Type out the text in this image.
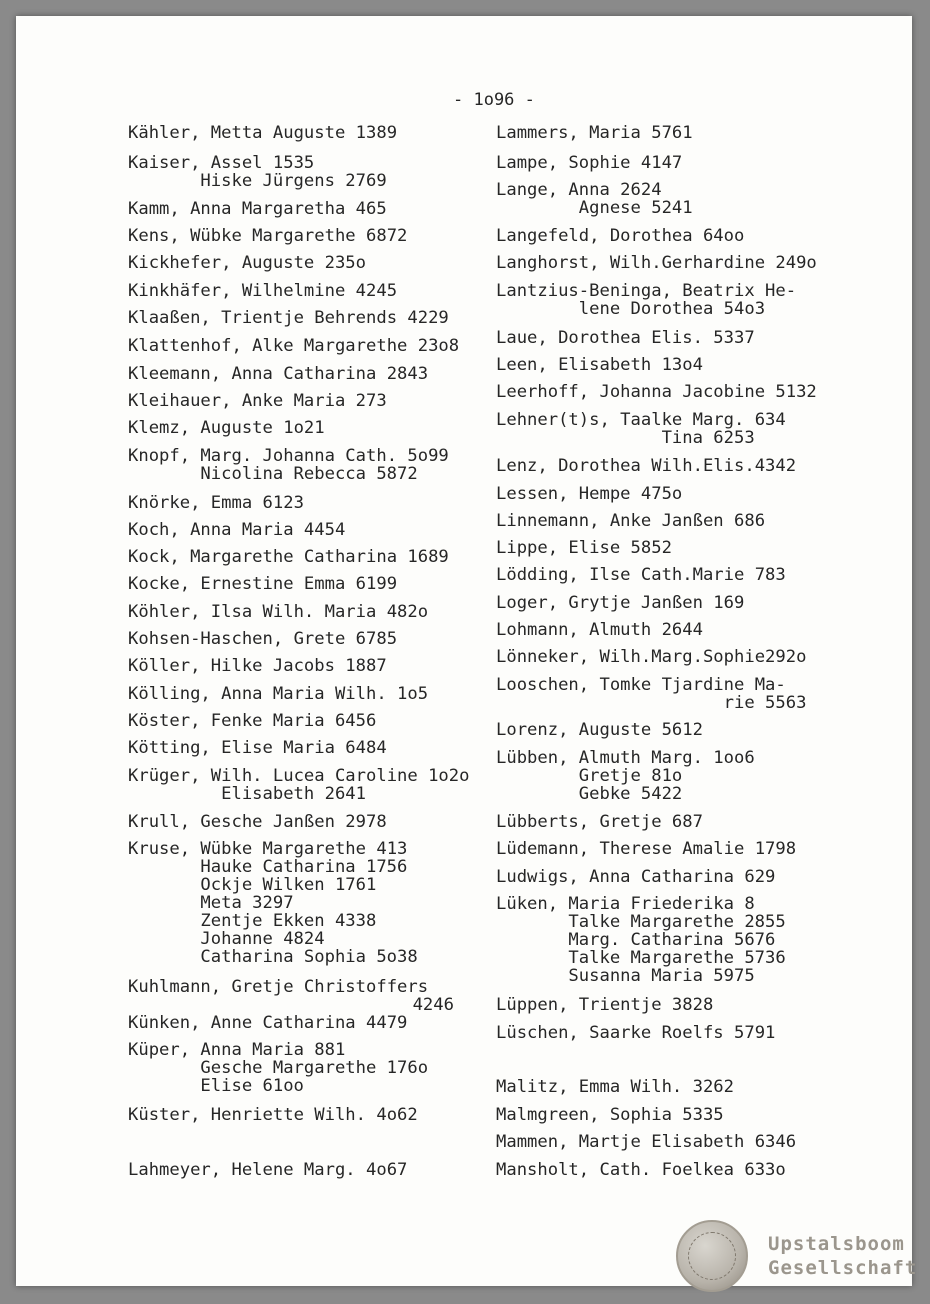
- 1o96 -
Kähler, Metta Auguste 1389
Kaiser, Assel 1535
Hiske Jürgens 2769
Kamm, Anna Margaretha 465
Kens, Wübke Margarethe 6872
Kickhefer, Auguste 235o
Kinkhäfer, Wilhelmine 4245
Klaaßen, Trientje Behrends 4229
Klattenhof, Alke Margarethe 23o8
Kleemann, Anna Catharina 2843
Kleihauer, Anke Maria 273
Klemz, Auguste 1o21
Knopf, Marg. Johanna Cath. 5o99
Nicolina Rebecca 5872
Knörke, Emma 6123
Koch, Anna Maria 4454
Kock, Margarethe Catharina 1689
Kocke, Ernestine Emma 6199
Köhler, Ilsa Wilh. Maria 482o
Kohsen-Haschen, Grete 6785
Köller, Hilke Jacobs 1887
Kölling, Anna Maria Wilh. 1o5
Köster, Fenke Maria 6456
Kötting, Elise Maria 6484
Krüger, Wilh. Lucea Caroline 1o2o
Elisabeth 2641
Krull, Gesche Janßen 2978
Kruse, Wübke Margarethe 413
Hauke Catharina 1756
Ockje Wilken 1761
Meta 3297
Zentje Ekken 4338
Johanne 4824
Catharina Sophia 5o38
Kuhlmann, Gretje Christoffers
4246
Künken, Anne Catharina 4479
Küper, Anna Maria 881
Gesche Margarethe 176o
Elise 61oo
Küster, Henriette Wilh. 4o62
Lahmeyer, Helene Marg. 4o67
Lammers, Maria 5761
Lampe, Sophie 4147
Lange, Anna 2624
Agnese 5241
Langefeld, Dorothea 64oo
Langhorst, Wilh.Gerhardine 249o
Lantzius-Beninga, Beatrix He-
lene Dorothea 54o3
Laue, Dorothea Elis. 5337
Leen, Elisabeth 13o4
Leerhoff, Johanna Jacobine 5132
Lehner(t)s, Taalke Marg. 634
Tina 6253
Lenz, Dorothea Wilh.Elis.4342
Lessen, Hempe 475o
Linnemann, Anke Janßen 686
Lippe, Elise 5852
Lödding, Ilse Cath.Marie 783
Loger, Grytje Janßen 169
Lohmann, Almuth 2644
Lönneker, Wilh.Marg.Sophie292o
Looschen, Tomke Tjardine Ma-
rie 5563
Lorenz, Auguste 5612
Lübben, Almuth Marg. 1oo6
Gretje 81o
Gebke 5422
Lübberts, Gretje 687
Lüdemann, Therese Amalie 1798
Ludwigs, Anna Catharina 629
Lüken, Maria Friederika 8
Talke Margarethe 2855
Marg. Catharina 5676
Talke Margarethe 5736
Susanna Maria 5975
Lüppen, Trientje 3828
Lüschen, Saarke Roelfs 5791
Malitz, Emma Wilh. 3262
Malmgreen, Sophia 5335
Mammen, Martje Elisabeth 6346
Mansholt, Cath. Foelkea 633o
Upstalsboom
Gesellschaft
